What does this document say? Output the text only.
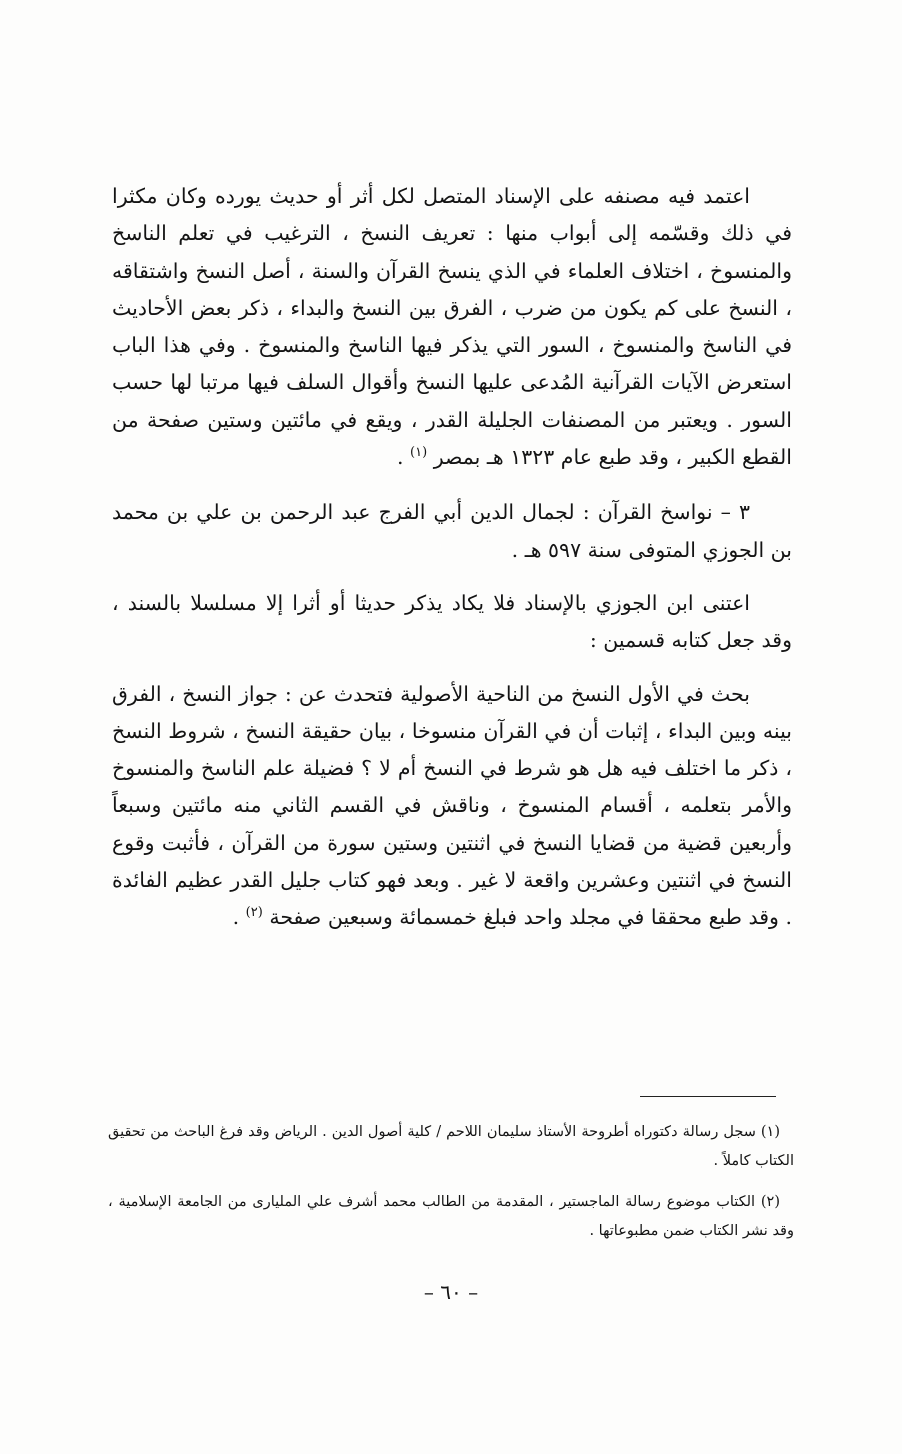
اعتمد فيه مصنفه على الإسناد المتصل لكل أثر أو حديث يورده وكان مكثرا في ذلك وقسّمه إلى أبواب منها : تعريف النسخ ، الترغيب في تعلم الناسخ والمنسوخ ، اختلاف العلماء في الذي ينسخ القرآن والسنة ، أصل النسخ واشتقاقه ، النسخ على كم يكون من ضرب ، الفرق بين النسخ والبداء ، ذكر بعض الأحاديث في الناسخ والمنسوخ ، السور التي يذكر فيها الناسخ والمنسوخ . وفي هذا الباب استعرض الآيات القرآنية المُدعى عليها النسخ وأقوال السلف فيها مرتبا لها حسب السور . ويعتبر من المصنفات الجليلة القدر ، ويقع في مائتين وستين صفحة من القطع الكبير ، وقد طبع عام ١٣٢٣ هـ بمصر $^{(١)}$ .

٣ – نواسخ القرآن : لجمال الدين أبي الفرج عبد الرحمن بن علي بن محمد بن الجوزي المتوفى سنة ٥٩٧ هـ .

اعتنى ابن الجوزي بالإسناد فلا يكاد يذكر حديثا أو أثرا إلا مسلسلا بالسند ، وقد جعل كتابه قسمين :

بحث في الأول النسخ من الناحية الأصولية فتحدث عن : جواز النسخ ، الفرق بينه وبين البداء ، إثبات أن في القرآن منسوخا ، بيان حقيقة النسخ ، شروط النسخ ، ذكر ما اختلف فيه هل هو شرط في النسخ أم لا ؟ فضيلة علم الناسخ والمنسوخ والأمر بتعلمه ، أقسام المنسوخ ، وناقش في القسم الثاني منه مائتين وسبعاً وأربعين قضية من قضايا النسخ في اثنتين وستين سورة من القرآن ، فأثبت وقوع النسخ في اثنتين وعشرين واقعة لا غير . وبعد فهو كتاب جليل القدر عظيم الفائدة . وقد طبع محققا في مجلد واحد فبلغ خمسمائة وسبعين صفحة $^{(٢)}$ .

(١) سجل رسالة دكتوراه أطروحة الأستاذ سليمان اللاحم / كلية أصول الدين . الرياض وقد فرغ الباحث من تحقيق الكتاب كاملاً .

(٢) الكتاب موضوع رسالة الماجستير ، المقدمة من الطالب محمد أشرف علي المليارى من الجامعة الإسلامية ، وقد نشر الكتاب ضمن مطبوعاتها .

– ٦٠ –
